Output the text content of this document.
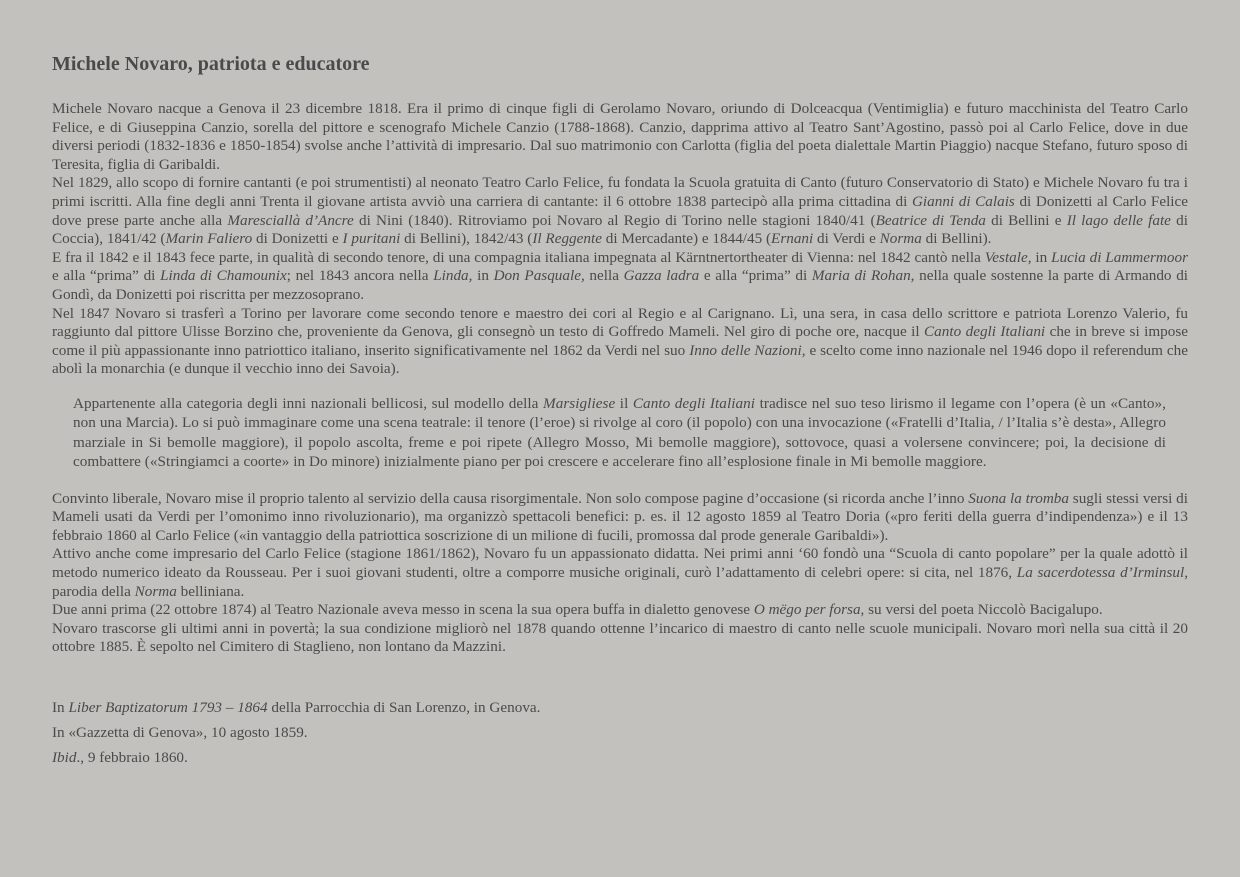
Michele Novaro, patriota e educatore

Michele Novaro nacque a Genova il 23 dicembre 1818. Era il primo di cinque figli di Gerolamo Novaro, oriundo di Dolceacqua (Ventimiglia) e futuro macchinista del Teatro Carlo Felice, e di Giuseppina Canzio, sorella del pittore e scenografo Michele Canzio (1788-1868). Canzio, dapprima attivo al Teatro Sant’Agostino, passò poi al Carlo Felice, dove in due diversi periodi (1832-1836 e 1850-1854) svolse anche l’attività di impresario. Dal suo matrimonio con Carlotta (figlia del poeta dialettale Martin Piaggio) nacque Stefano, futuro sposo di Teresita, figlia di Garibaldi.

Nel 1829, allo scopo di fornire cantanti (e poi strumentisti) al neonato Teatro Carlo Felice, fu fondata la Scuola gratuita di Canto (futuro Conservatorio di Stato) e Michele Novaro fu tra i primi iscritti. Alla fine degli anni Trenta il giovane artista avviò una carriera di cantante: il 6 ottobre 1838 partecipò alla prima cittadina di Gianni di Calais di Donizetti al Carlo Felice dove prese parte anche alla Maresciallà d’Ancre di Nini (1840). Ritroviamo poi Novaro al Regio di Torino nelle stagioni 1840/41 (Beatrice di Tenda di Bellini e Il lago delle fate di Coccia), 1841/42 (Marin Faliero di Donizetti e I puritani di Bellini), 1842/43 (Il Reggente di Mercadante) e 1844/45 (Ernani di Verdi e Norma di Bellini).

E fra il 1842 e il 1843 fece parte, in qualità di secondo tenore, di una compagnia italiana impegnata al Kärntnertortheater di Vienna: nel 1842 cantò nella Vestale, in Lucia di Lammermoor e alla “prima” di Linda di Chamounix; nel 1843 ancora nella Linda, in Don Pasquale, nella Gazza ladra e alla “prima” di Maria di Rohan, nella quale sostenne la parte di Armando di Gondì, da Donizetti poi riscritta per mezzosoprano.

Nel 1847 Novaro si trasferì a Torino per lavorare come secondo tenore e maestro dei cori al Regio e al Carignano. Lì, una sera, in casa dello scrittore e patriota Lorenzo Valerio, fu raggiunto dal pittore Ulisse Borzino che, proveniente da Genova, gli consegnò un testo di Goffredo Mameli. Nel giro di poche ore, nacque il Canto degli Italiani che in breve si impose come il più appassionante inno patriottico italiano, inserito significativamente nel 1862 da Verdi nel suo Inno delle Nazioni, e scelto come inno nazionale nel 1946 dopo il referendum che abolì la monarchia (e dunque il vecchio inno dei Savoia).

Appartenente alla categoria degli inni nazionali bellicosi, sul modello della Marsigliese il Canto degli Italiani tradisce nel suo teso lirismo il legame con l’opera (è un «Canto», non una Marcia). Lo si può immaginare come una scena teatrale: il tenore (l’eroe) si rivolge al coro (il popolo) con una invocazione («Fratelli d’Italia, / l’Italia s’è desta», Allegro marziale in Si bemolle maggiore), il popolo ascolta, freme e poi ripete (Allegro Mosso, Mi bemolle maggiore), sottovoce, quasi a volersene convincere; poi, la decisione di combattere («Stringiamci a coorte» in Do minore) inizialmente piano per poi crescere e accelerare fino all’esplosione finale in Mi bemolle maggiore.

Convinto liberale, Novaro mise il proprio talento al servizio della causa risorgimentale. Non solo compose pagine d’occasione (si ricorda anche l’inno Suona la tromba sugli stessi versi di Mameli usati da Verdi per l’omonimo inno rivoluzionario), ma organizzò spettacoli benefici: p. es. il 12 agosto 1859 al Teatro Doria («pro feriti della guerra d’indipendenza») e il 13 febbraio 1860 al Carlo Felice («in vantaggio della patriottica soscrizione di un milione di fucili, promossa dal prode generale Garibaldi»).

Attivo anche come impresario del Carlo Felice (stagione 1861/1862), Novaro fu un appassionato didatta. Nei primi anni ‘60 fondò una “Scuola di canto popolare” per la quale adottò il metodo numerico ideato da Rousseau. Per i suoi giovani studenti, oltre a comporre musiche originali, curò l’adattamento di celebri opere: si cita, nel 1876, La sacerdotessa d’Irminsul, parodia della Norma belliniana.

Due anni prima (22 ottobre 1874) al Teatro Nazionale aveva messo in scena la sua opera buffa in dialetto genovese O mëgo per forsa, su versi del poeta Niccolò Bacigalupo.

Novaro trascorse gli ultimi anni in povertà; la sua condizione migliorò nel 1878 quando ottenne l’incarico di maestro di canto nelle scuole municipali. Novaro morì nella sua città il 20 ottobre 1885. È sepolto nel Cimitero di Staglieno, non lontano da Mazzini.

In Liber Baptizatorum 1793 – 1864 della Parrocchia di San Lorenzo, in Genova.

In «Gazzetta di Genova», 10 agosto 1859.

Ibid., 9 febbraio 1860.
